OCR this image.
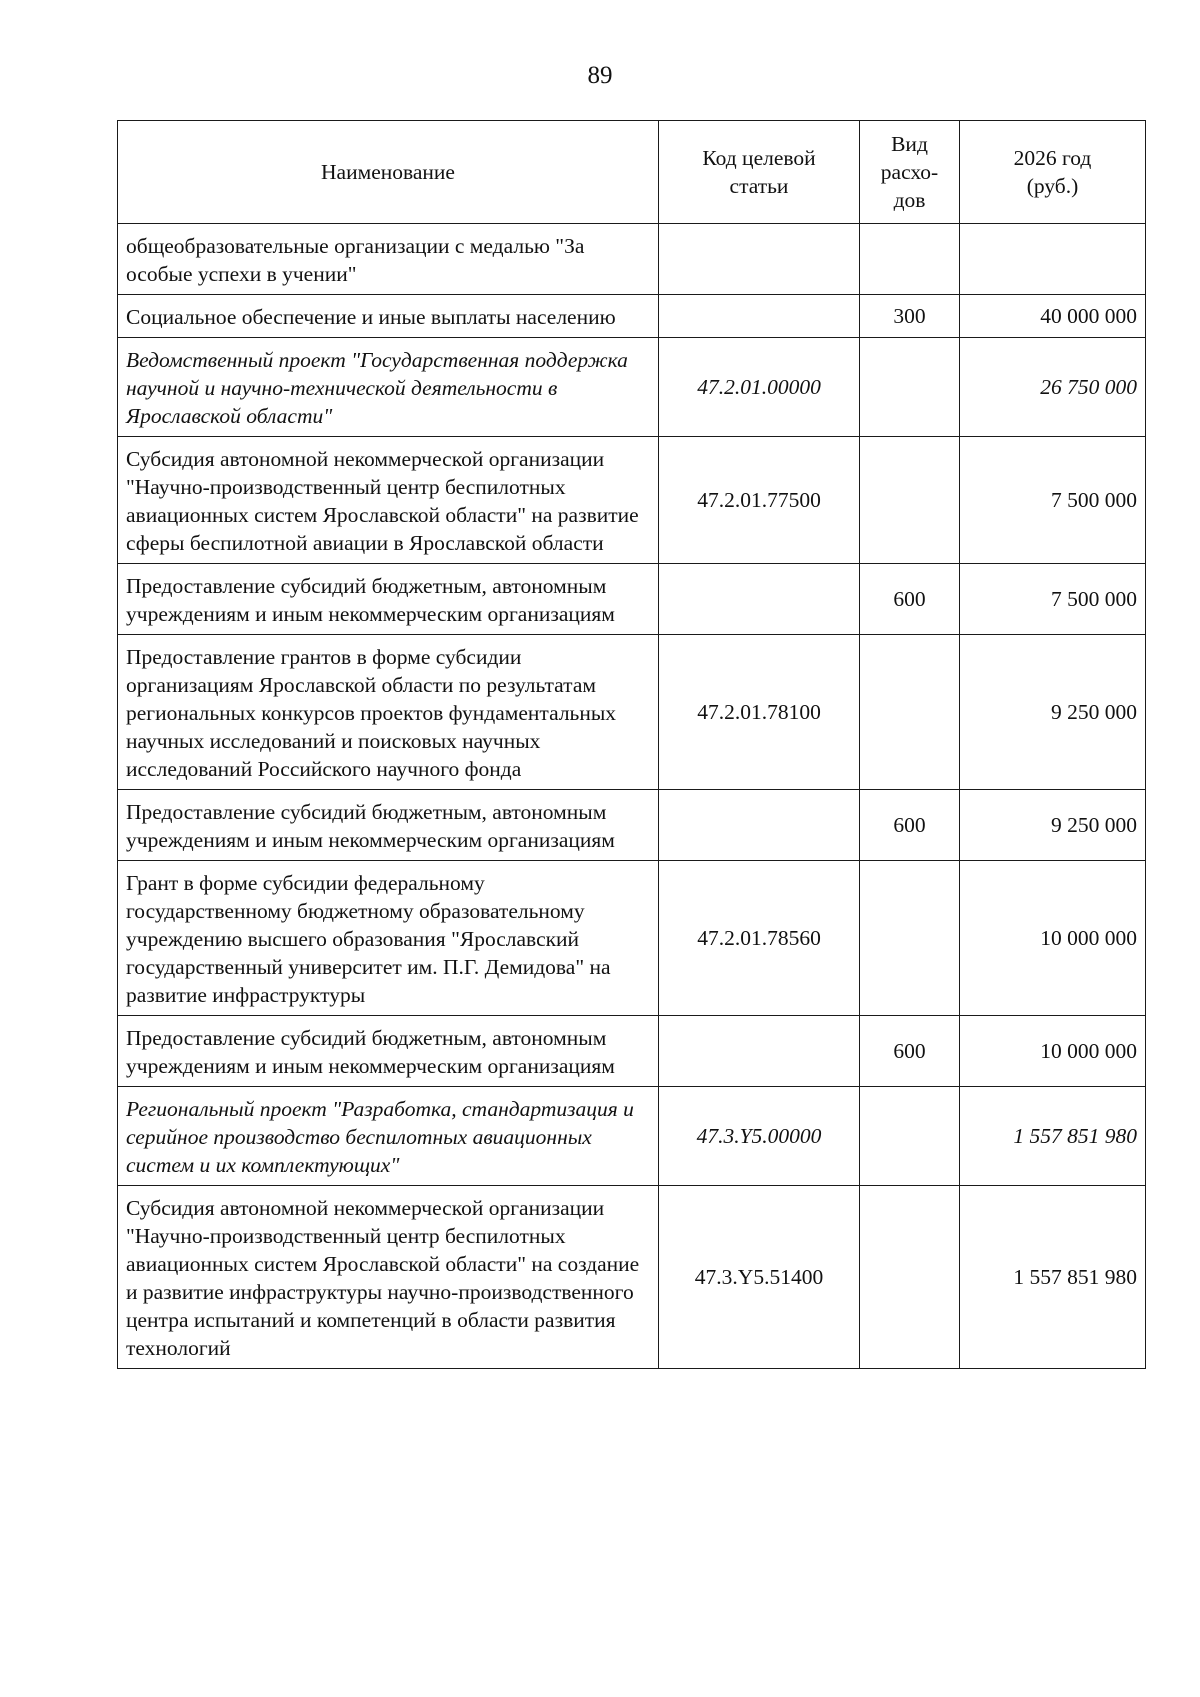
89
Наименование	Код целевой статьи	Вид расхо-дов	2026 год (руб.)
общеобразовательные организации с медалью "За особые успехи в учении"			
Социальное обеспечение и иные выплаты населению		300	40 000 000
Ведомственный проект "Государственная поддержка научной и научно-технической деятельности в Ярославской области"	47.2.01.00000		26 750 000
Субсидия автономной некоммерческой организации "Научно-производственный центр беспилотных авиационных систем Ярославской области" на развитие сферы беспилотной авиации в Ярославской области	47.2.01.77500		7 500 000
Предоставление субсидий бюджетным, автономным учреждениям и иным некоммерческим организациям		600	7 500 000
Предоставление грантов в форме субсидии организациям Ярославской области по результатам региональных конкурсов проектов фундаментальных научных исследований и поисковых научных исследований Российского научного фонда	47.2.01.78100		9 250 000
Предоставление субсидий бюджетным, автономным учреждениям и иным некоммерческим организациям		600	9 250 000
Грант в форме субсидии федеральному государственному бюджетному образовательному учреждению высшего образования "Ярославский государственный университет им. П.Г. Демидова" на развитие инфраструктуры	47.2.01.78560		10 000 000
Предоставление субсидий бюджетным, автономным учреждениям и иным некоммерческим организациям		600	10 000 000
Региональный проект "Разработка, стандартизация и серийное производство беспилотных авиационных систем и их комплектующих"	47.3.Y5.00000		1 557 851 980
Субсидия автономной некоммерческой организации "Научно-производственный центр беспилотных авиационных систем Ярославской области" на создание и развитие инфраструктуры научно-производственного центра испытаний и компетенций в области развития технологий	47.3.Y5.51400		1 557 851 980
